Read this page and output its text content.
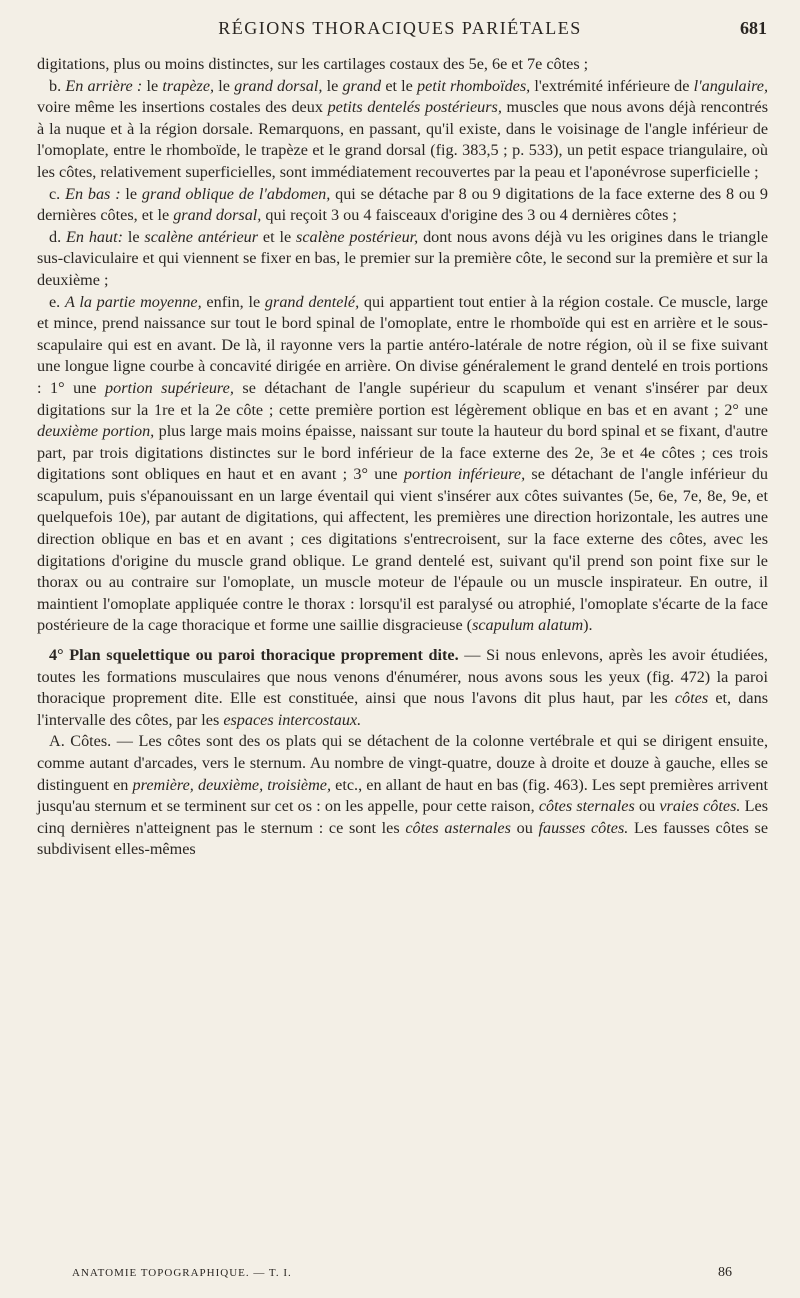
RÉGIONS THORACIQUES PARIÉTALES	681

digitations, plus ou moins distinctes, sur les cartilages costaux des 5e, 6e et 7e côtes ;

b. En arrière : le trapèze, le grand dorsal, le grand et le petit rhomboïdes, l'extrémité inférieure de l'angulaire, voire même les insertions costales des deux petits dentelés postérieurs, muscles que nous avons déjà rencontrés à la nuque et à la région dorsale. Remarquons, en passant, qu'il existe, dans le voisinage de l'angle inférieur de l'omoplate, entre le rhomboïde, le trapèze et le grand dorsal (fig. 383,5 ; p. 533), un petit espace triangulaire, où les côtes, relativement superficielles, sont immédiatement recouvertes par la peau et l'aponévrose superficielle ;

c. En bas : le grand oblique de l'abdomen, qui se détache par 8 ou 9 digitations de la face externe des 8 ou 9 dernières côtes, et le grand dorsal, qui reçoit 3 ou 4 faisceaux d'origine des 3 ou 4 dernières côtes ;

d. En haut: le scalène antérieur et le scalène postérieur, dont nous avons déjà vu les origines dans le triangle sus-claviculaire et qui viennent se fixer en bas, le premier sur la première côte, le second sur la première et sur la deuxième ;

e. A la partie moyenne, enfin, le grand dentelé, qui appartient tout entier à la région costale. Ce muscle, large et mince, prend naissance sur tout le bord spinal de l'omoplate, entre le rhomboïde qui est en arrière et le sous-scapulaire qui est en avant. De là, il rayonne vers la partie antéro-latérale de notre région, où il se fixe suivant une longue ligne courbe à concavité dirigée en arrière. On divise généralement le grand dentelé en trois portions : 1° une portion supérieure, se détachant de l'angle supérieur du scapulum et venant s'insérer par deux digitations sur la 1re et la 2e côte ; cette première portion est légèrement oblique en bas et en avant ; 2° une deuxième portion, plus large mais moins épaisse, naissant sur toute la hauteur du bord spinal et se fixant, d'autre part, par trois digitations distinctes sur le bord inférieur de la face externe des 2e, 3e et 4e côtes ; ces trois digitations sont obliques en haut et en avant ; 3° une portion inférieure, se détachant de l'angle inférieur du scapulum, puis s'épanouissant en un large éventail qui vient s'insérer aux côtes suivantes (5e, 6e, 7e, 8e, 9e, et quelquefois 10e), par autant de digitations, qui affectent, les premières une direction horizontale, les autres une direction oblique en bas et en avant ; ces digitations s'entrecroisent, sur la face externe des côtes, avec les digitations d'origine du muscle grand oblique. Le grand dentelé est, suivant qu'il prend son point fixe sur le thorax ou au contraire sur l'omoplate, un muscle moteur de l'épaule ou un muscle inspirateur. En outre, il maintient l'omoplate appliquée contre le thorax : lorsqu'il est paralysé ou atrophié, l'omoplate s'écarte de la face postérieure de la cage thoracique et forme une saillie disgracieuse (scapulum alatum).

4° Plan squelettique ou paroi thoracique proprement dite. — Si nous enlevons, après les avoir étudiées, toutes les formations musculaires que nous venons d'énumérer, nous avons sous les yeux (fig. 472) la paroi thoracique proprement dite. Elle est constituée, ainsi que nous l'avons dit plus haut, par les côtes et, dans l'intervalle des côtes, par les espaces intercostaux.

A. Côtes. — Les côtes sont des os plats qui se détachent de la colonne vertébrale et qui se dirigent ensuite, comme autant d'arcades, vers le sternum. Au nombre de vingt-quatre, douze à droite et douze à gauche, elles se distinguent en première, deuxième, troisième, etc., en allant de haut en bas (fig. 463). Les sept premières arrivent jusqu'au sternum et se terminent sur cet os : on les appelle, pour cette raison, côtes sternales ou vraies côtes. Les cinq dernières n'atteignent pas le sternum : ce sont les côtes asternales ou fausses côtes. Les fausses côtes se subdivisent elles-mêmes

ANATOMIE TOPOGRAPHIQUE. — T. I.	86
